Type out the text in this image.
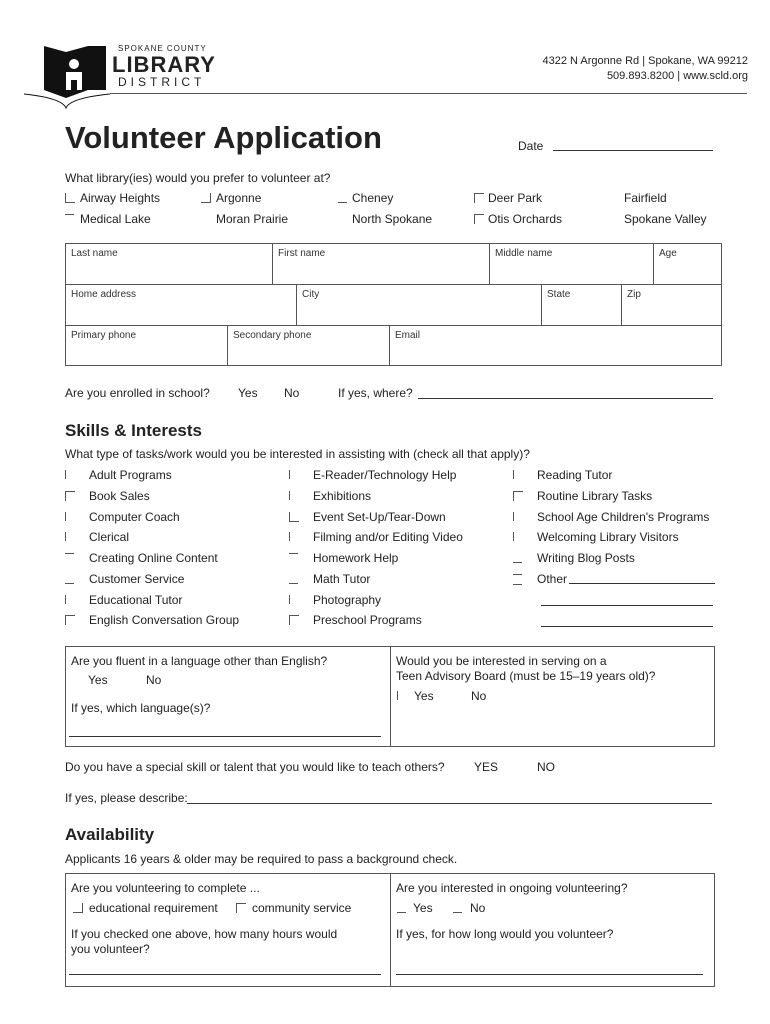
SPOKANE COUNTY
LIBRARY
DISTRICT
4322 N Argonne Rd | Spokane, WA 99212
509.893.8200 | www.scld.org
Volunteer Application	Date
What library(ies) would you prefer to volunteer at?
Airway Heights	Argonne	Cheney	Deer Park	Fairfield
Medical Lake	Moran Prairie	North Spokane	Otis Orchards	Spokane Valley
Last name	First name	Middle name	Age
Home address	City	State	Zip
Primary phone	Secondary phone	Email
Are you enrolled in school? Yes No	If yes, where?
Skills & Interests
What type of tasks/work would you be interested in assisting with (check all that apply)?
Adult Programs
Book Sales
Computer Coach
Clerical
Creating Online Content
Customer Service
Educational Tutor
English Conversation Group
E-Reader/Technology Help
Exhibitions
Event Set-Up/Tear-Down
Filming and/or Editing Video
Homework Help
Math Tutor
Photography
Preschool Programs
Reading Tutor
Routine Library Tasks
School Age Children's Programs
Welcoming Library Visitors
Writing Blog Posts
Other
Are you fluent in a language other than English?
Yes	No
If yes, which language(s)?
Would you be interested in serving on a
Teen Advisory Board (must be 15–19 years old)?
Yes	No
Do you have a special skill or talent that you would like to teach others? YES	NO
If yes, please describe:
Availability
Applicants 16 years & older may be required to pass a background check.
Are you volunteering to complete ...
educational requirement	community service
If you checked one above, how many hours would
you volunteer?
Are you interested in ongoing volunteering?
Yes	No
If yes, for how long would you volunteer?
